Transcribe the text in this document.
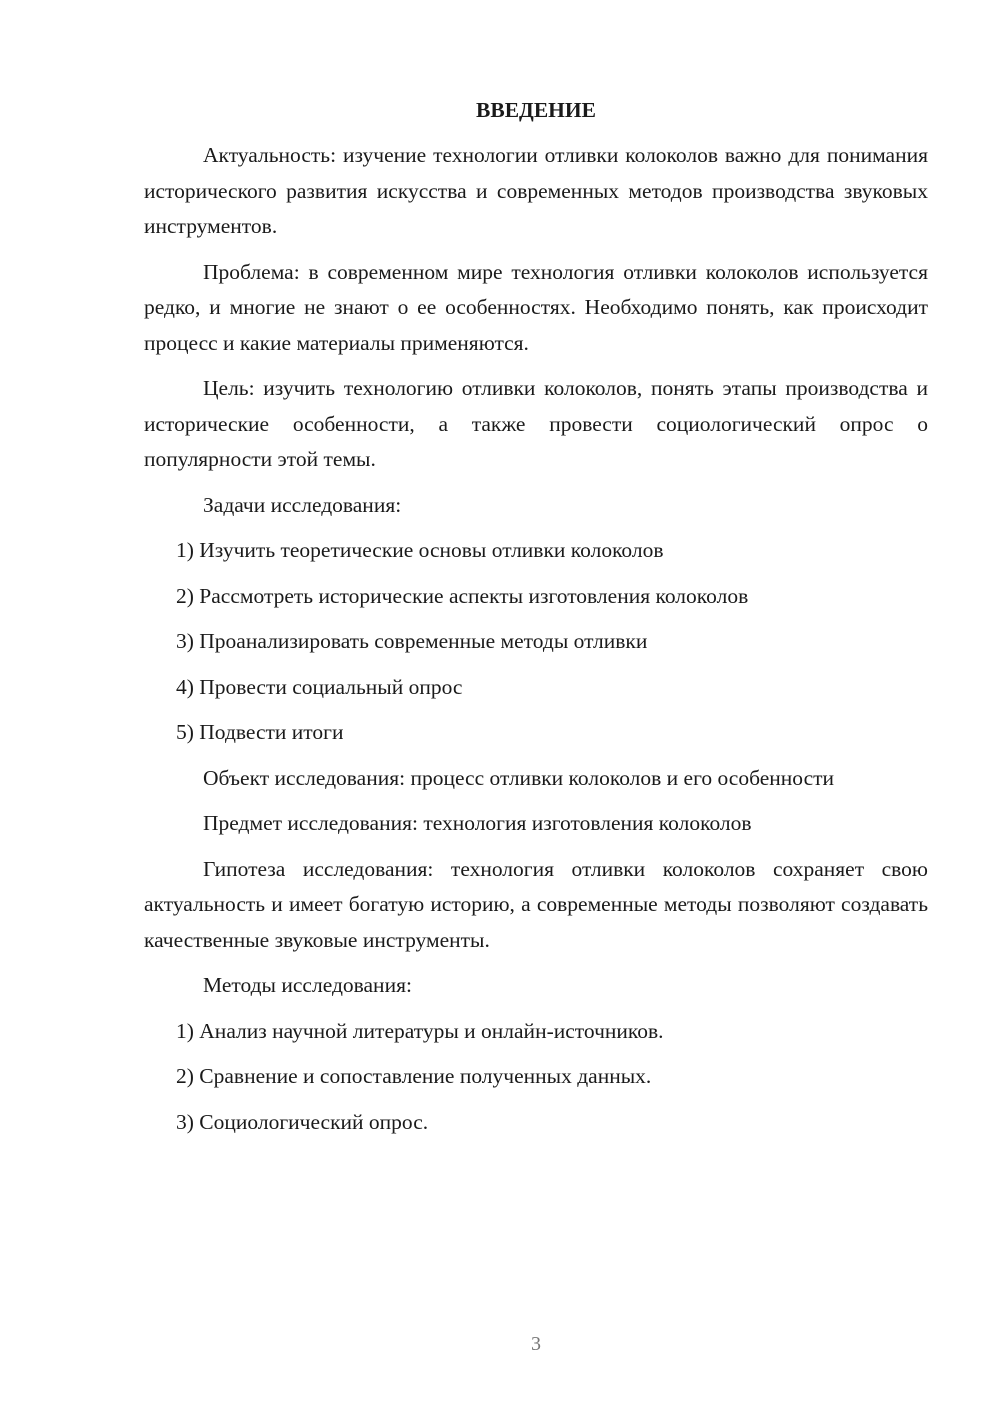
ВВЕДЕНИЕ

Актуальность: изучение технологии отливки колоколов важно для понимания исторического развития искусства и современных методов производства звуковых инструментов.

Проблема: в современном мире технология отливки колоколов используется редко, и многие не знают о ее особенностях. Необходимо понять, как происходит процесс и какие материалы применяются.

Цель: изучить технологию отливки колоколов, понять этапы производства и исторические особенности, а также провести социологический опрос о популярности этой темы.

Задачи исследования:

1) Изучить теоретические основы отливки колоколов
2) Рассмотреть исторические аспекты изготовления колоколов
3) Проанализировать современные методы отливки
4) Провести социальный опрос
5) Подвести итоги

Объект исследования: процесс отливки колоколов и его особенности

Предмет исследования: технология изготовления колоколов

Гипотеза исследования: технология отливки колоколов сохраняет свою актуальность и имеет богатую историю, а современные методы позволяют создавать качественные звуковые инструменты.

Методы исследования:

1) Анализ научной литературы и онлайн-источников.
2) Сравнение и сопоставление полученных данных.
3) Социологический опрос.
3
